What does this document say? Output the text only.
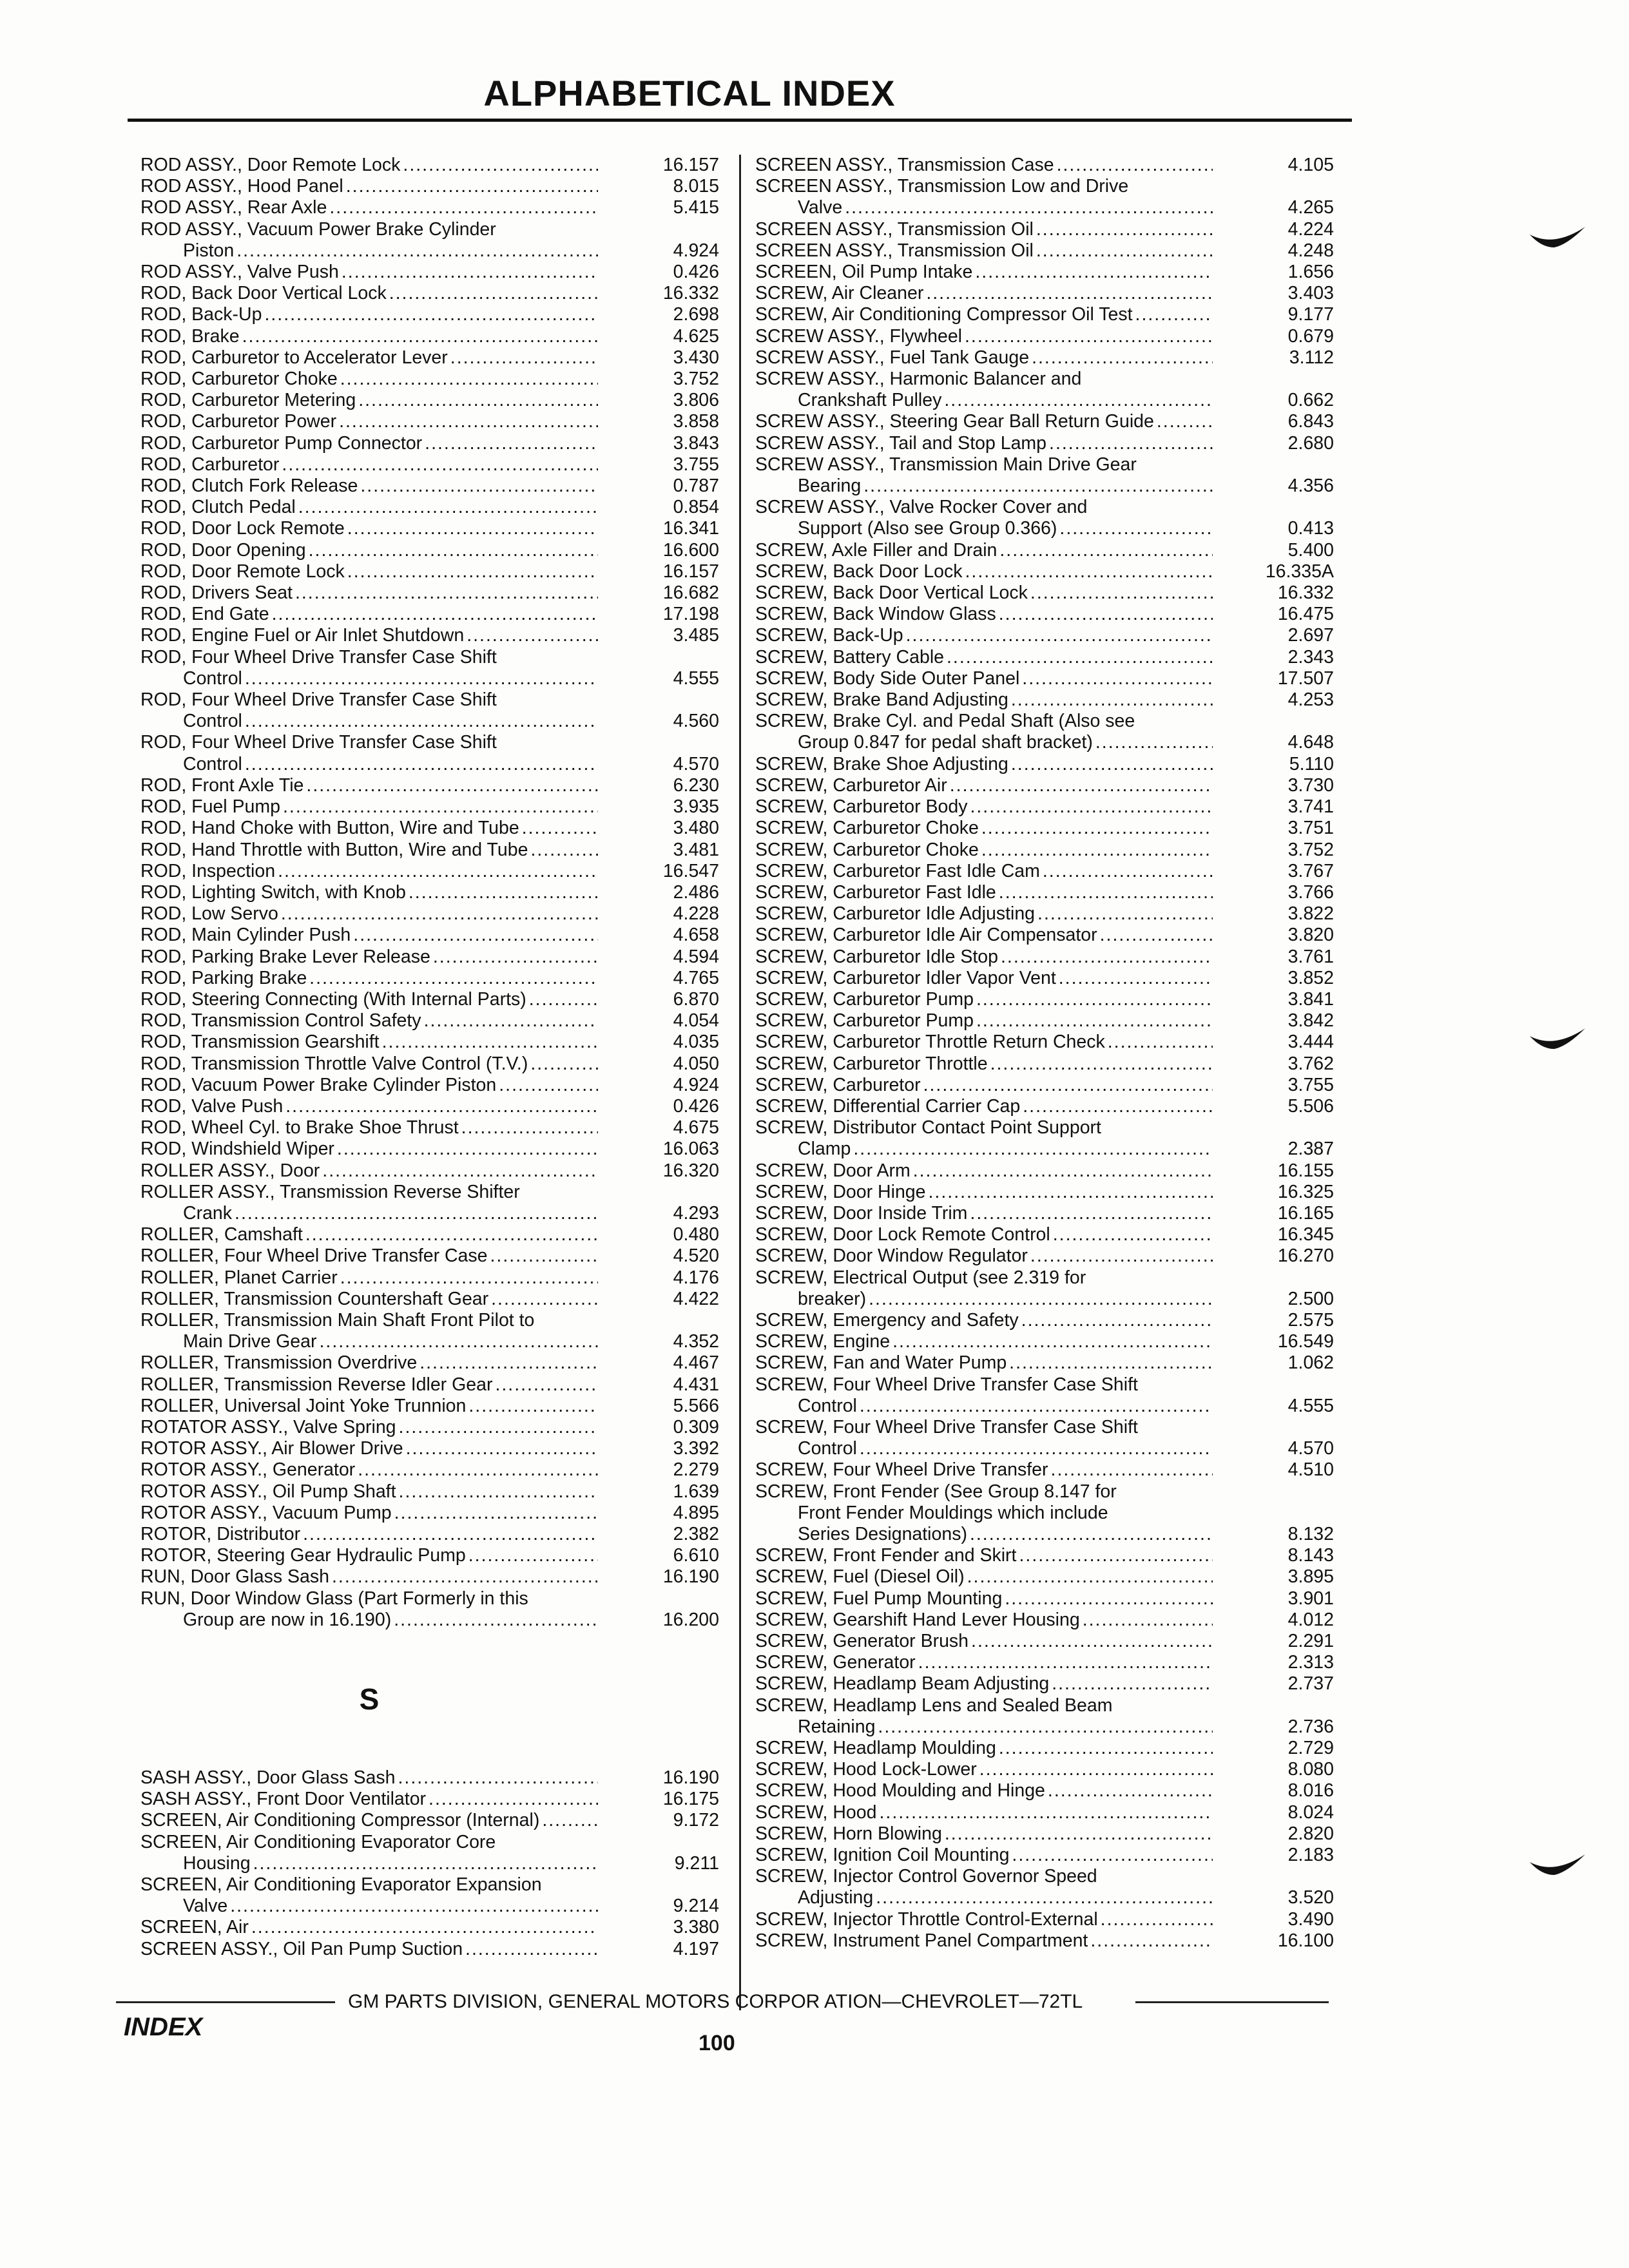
ALPHABETICAL INDEX
ROD ASSY., Door Remote Lock .....	16.157
ROD ASSY., Hood Panel .....	8.015
ROD ASSY., Rear Axle .....	5.415
ROD ASSY., Vacuum Power Brake Cylinder
Piston .....	4.924
ROD ASSY., Valve Push .....	0.426
ROD, Back Door Vertical Lock .....	16.332
ROD, Back-Up .....	2.698
ROD, Brake .....	4.625
ROD, Carburetor to Accelerator Lever .....	3.430
ROD, Carburetor Choke .....	3.752
ROD, Carburetor Metering .....	3.806
ROD, Carburetor Power .....	3.858
ROD, Carburetor Pump Connector .....	3.843
ROD, Carburetor .....	3.755
ROD, Clutch Fork Release .....	0.787
ROD, Clutch Pedal .....	0.854
ROD, Door Lock Remote .....	16.341
ROD, Door Opening .....	16.600
ROD, Door Remote Lock .....	16.157
ROD, Drivers Seat .....	16.682
ROD, End Gate .....	17.198
ROD, Engine Fuel or Air Inlet Shutdown .....	3.485
ROD, Four Wheel Drive Transfer Case Shift
Control .....	4.555
ROD, Four Wheel Drive Transfer Case Shift
Control .....	4.560
ROD, Four Wheel Drive Transfer Case Shift
Control .....	4.570
ROD, Front Axle Tie .....	6.230
ROD, Fuel Pump .....	3.935
ROD, Hand Choke with Button, Wire and Tube .....	3.480
ROD, Hand Throttle with Button, Wire and Tube .....	3.481
ROD, Inspection .....	16.547
ROD, Lighting Switch, with Knob .....	2.486
ROD, Low Servo .....	4.228
ROD, Main Cylinder Push .....	4.658
ROD, Parking Brake Lever Release .....	4.594
ROD, Parking Brake .....	4.765
ROD, Steering Connecting (With Internal Parts) .....	6.870
ROD, Transmission Control Safety .....	4.054
ROD, Transmission Gearshift .....	4.035
ROD, Transmission Throttle Valve Control (T.V.) .....	4.050
ROD, Vacuum Power Brake Cylinder Piston .....	4.924
ROD, Valve Push .....	0.426
ROD, Wheel Cyl. to Brake Shoe Thrust .....	4.675
ROD, Windshield Wiper .....	16.063
ROLLER ASSY., Door .....	16.320
ROLLER ASSY., Transmission Reverse Shifter
Crank .....	4.293
ROLLER, Camshaft .....	0.480
ROLLER, Four Wheel Drive Transfer Case .....	4.520
ROLLER, Planet Carrier .....	4.176
ROLLER, Transmission Countershaft Gear .....	4.422
ROLLER, Transmission Main Shaft Front Pilot to
Main Drive Gear .....	4.352
ROLLER, Transmission Overdrive .....	4.467
ROLLER, Transmission Reverse Idler Gear .....	4.431
ROLLER, Universal Joint Yoke Trunnion .....	5.566
ROTATOR ASSY., Valve Spring .....	0.309
ROTOR ASSY., Air Blower Drive .....	3.392
ROTOR ASSY., Generator .....	2.279
ROTOR ASSY., Oil Pump Shaft .....	1.639
ROTOR ASSY., Vacuum Pump .....	4.895
ROTOR, Distributor .....	2.382
ROTOR, Steering Gear Hydraulic Pump .....	6.610
RUN, Door Glass Sash .....	16.190
RUN, Door Window Glass (Part Formerly in this
Group are now in 16.190) .....	16.200
S
SASH ASSY., Door Glass Sash .....	16.190
SASH ASSY., Front Door Ventilator .....	16.175
SCREEN, Air Conditioning Compressor (Internal) .....	9.172
SCREEN, Air Conditioning Evaporator Core
Housing .....	9.211
SCREEN, Air Conditioning Evaporator Expansion
Valve .....	9.214
SCREEN, Air .....	3.380
SCREEN ASSY., Oil Pan Pump Suction .....	4.197
SCREEN ASSY., Transmission Case .....	4.105
SCREEN ASSY., Transmission Low and Drive
Valve .....	4.265
SCREEN ASSY., Transmission Oil .....	4.224
SCREEN ASSY., Transmission Oil .....	4.248
SCREEN, Oil Pump Intake .....	1.656
SCREW, Air Cleaner .....	3.403
SCREW, Air Conditioning Compressor Oil Test .....	9.177
SCREW ASSY., Flywheel .....	0.679
SCREW ASSY., Fuel Tank Gauge .....	3.112
SCREW ASSY., Harmonic Balancer and
Crankshaft Pulley .....	0.662
SCREW ASSY., Steering Gear Ball Return Guide .....	6.843
SCREW ASSY., Tail and Stop Lamp .....	2.680
SCREW ASSY., Transmission Main Drive Gear
Bearing .....	4.356
SCREW ASSY., Valve Rocker Cover and
Support (Also see Group 0.366) .....	0.413
SCREW, Axle Filler and Drain .....	5.400
SCREW, Back Door Lock .....	16.335A
SCREW, Back Door Vertical Lock .....	16.332
SCREW, Back Window Glass .....	16.475
SCREW, Back-Up .....	2.697
SCREW, Battery Cable .....	2.343
SCREW, Body Side Outer Panel .....	17.507
SCREW, Brake Band Adjusting .....	4.253
SCREW, Brake Cyl. and Pedal Shaft (Also see
Group 0.847 for pedal shaft bracket) .....	4.648
SCREW, Brake Shoe Adjusting .....	5.110
SCREW, Carburetor Air .....	3.730
SCREW, Carburetor Body .....	3.741
SCREW, Carburetor Choke .....	3.751
SCREW, Carburetor Choke .....	3.752
SCREW, Carburetor Fast Idle Cam .....	3.767
SCREW, Carburetor Fast Idle .....	3.766
SCREW, Carburetor Idle Adjusting .....	3.822
SCREW, Carburetor Idle Air Compensator .....	3.820
SCREW, Carburetor Idle Stop .....	3.761
SCREW, Carburetor Idler Vapor Vent .....	3.852
SCREW, Carburetor Pump .....	3.841
SCREW, Carburetor Pump .....	3.842
SCREW, Carburetor Throttle Return Check .....	3.444
SCREW, Carburetor Throttle .....	3.762
SCREW, Carburetor .....	3.755
SCREW, Differential Carrier Cap .....	5.506
SCREW, Distributor Contact Point Support
Clamp .....	2.387
SCREW, Door Arm .....	16.155
SCREW, Door Hinge .....	16.325
SCREW, Door Inside Trim .....	16.165
SCREW, Door Lock Remote Control .....	16.345
SCREW, Door Window Regulator .....	16.270
SCREW, Electrical Output (see 2.319 for
breaker) .....	2.500
SCREW, Emergency and Safety .....	2.575
SCREW, Engine .....	16.549
SCREW, Fan and Water Pump .....	1.062
SCREW, Four Wheel Drive Transfer Case Shift
Control .....	4.555
SCREW, Four Wheel Drive Transfer Case Shift
Control .....	4.570
SCREW, Four Wheel Drive Transfer .....	4.510
SCREW, Front Fender (See Group 8.147 for
Front Fender Mouldings which include
Series Designations) .....	8.132
SCREW, Front Fender and Skirt .....	8.143
SCREW, Fuel (Diesel Oil) .....	3.895
SCREW, Fuel Pump Mounting .....	3.901
SCREW, Gearshift Hand Lever Housing .....	4.012
SCREW, Generator Brush .....	2.291
SCREW, Generator .....	2.313
SCREW, Headlamp Beam Adjusting .....	2.737
SCREW, Headlamp Lens and Sealed Beam
Retaining .....	2.736
SCREW, Headlamp Moulding .....	2.729
SCREW, Hood Lock-Lower .....	8.080
SCREW, Hood Moulding and Hinge .....	8.016
SCREW, Hood .....	8.024
SCREW, Horn Blowing .....	2.820
SCREW, Ignition Coil Mounting .....	2.183
SCREW, Injector Control Governor Speed
Adjusting .....	3.520
SCREW, Injector Throttle Control-External .....	3.490
SCREW, Instrument Panel Compartment .....	16.100
GM PARTS DIVISION, GENERAL MOTORS CORPOR ATION—CHEVROLET—72TL
INDEX
100
